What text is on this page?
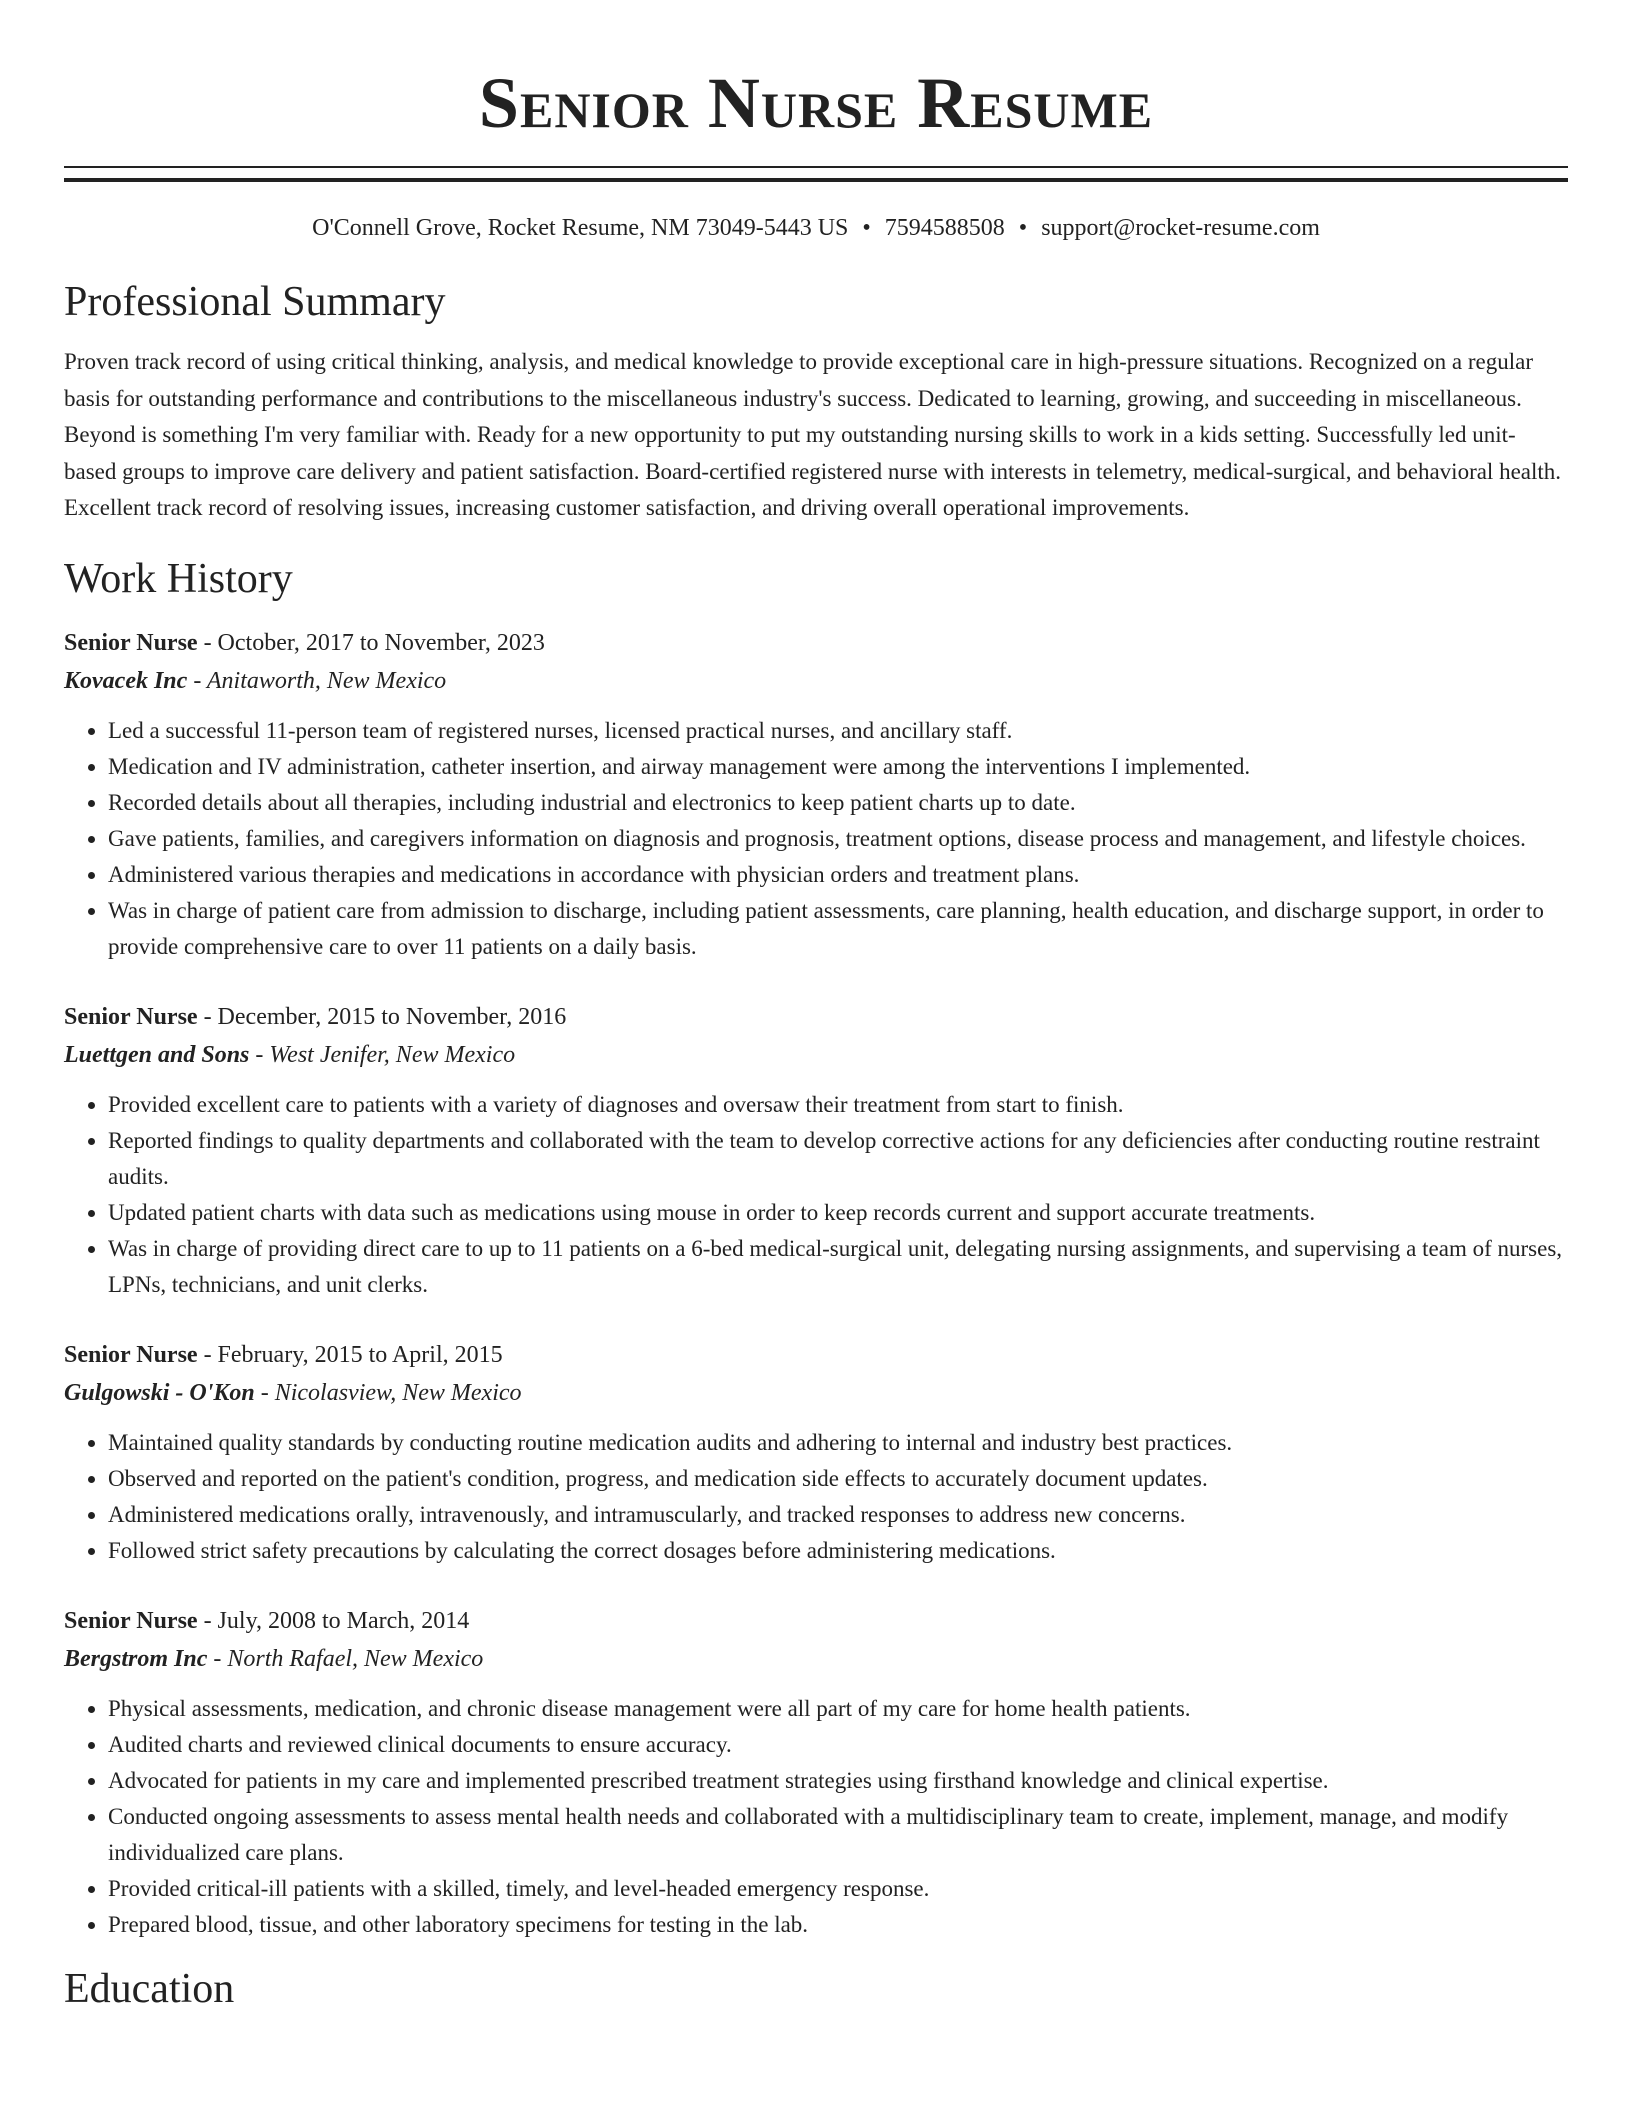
Senior Nurse Resume
O'Connell Grove, Rocket Resume, NM 73049-5443 US • 7594588508 • support@rocket-resume.com
Professional Summary

Proven track record of using critical thinking, analysis, and medical knowledge to provide exceptional care in high-pressure situations. Recognized on a regular basis for outstanding performance and contributions to the miscellaneous industry's success. Dedicated to learning, growing, and succeeding in miscellaneous. Beyond is something I'm very familiar with. Ready for a new opportunity to put my outstanding nursing skills to work in a kids setting. Successfully led unit-based groups to improve care delivery and patient satisfaction. Board-certified registered nurse with interests in telemetry, medical-surgical, and behavioral health. Excellent track record of resolving issues, increasing customer satisfaction, and driving overall operational improvements.

Work History
Senior Nurse - October, 2017 to November, 2023
Kovacek Inc - Anitaworth, New Mexico
• Led a successful 11-person team of registered nurses, licensed practical nurses, and ancillary staff.
• Medication and IV administration, catheter insertion, and airway management were among the interventions I implemented.
• Recorded details about all therapies, including industrial and electronics to keep patient charts up to date.
• Gave patients, families, and caregivers information on diagnosis and prognosis, treatment options, disease process and management, and lifestyle choices.
• Administered various therapies and medications in accordance with physician orders and treatment plans.
• Was in charge of patient care from admission to discharge, including patient assessments, care planning, health education, and discharge support, in order to provide comprehensive care to over 11 patients on a daily basis.
Senior Nurse - December, 2015 to November, 2016
Luettgen and Sons - West Jenifer, New Mexico
• Provided excellent care to patients with a variety of diagnoses and oversaw their treatment from start to finish.
• Reported findings to quality departments and collaborated with the team to develop corrective actions for any deficiencies after conducting routine restraint audits.
• Updated patient charts with data such as medications using mouse in order to keep records current and support accurate treatments.
• Was in charge of providing direct care to up to 11 patients on a 6-bed medical-surgical unit, delegating nursing assignments, and supervising a team of nurses, LPNs, technicians, and unit clerks.
Senior Nurse - February, 2015 to April, 2015
Gulgowski - O'Kon - Nicolasview, New Mexico
• Maintained quality standards by conducting routine medication audits and adhering to internal and industry best practices.
• Observed and reported on the patient's condition, progress, and medication side effects to accurately document updates.
• Administered medications orally, intravenously, and intramuscularly, and tracked responses to address new concerns.
• Followed strict safety precautions by calculating the correct dosages before administering medications.
Senior Nurse - July, 2008 to March, 2014
Bergstrom Inc - North Rafael, New Mexico
• Physical assessments, medication, and chronic disease management were all part of my care for home health patients.
• Audited charts and reviewed clinical documents to ensure accuracy.
• Advocated for patients in my care and implemented prescribed treatment strategies using firsthand knowledge and clinical expertise.
• Conducted ongoing assessments to assess mental health needs and collaborated with a multidisciplinary team to create, implement, manage, and modify individualized care plans.
• Provided critical-ill patients with a skilled, timely, and level-headed emergency response.
• Prepared blood, tissue, and other laboratory specimens for testing in the lab.
Education
